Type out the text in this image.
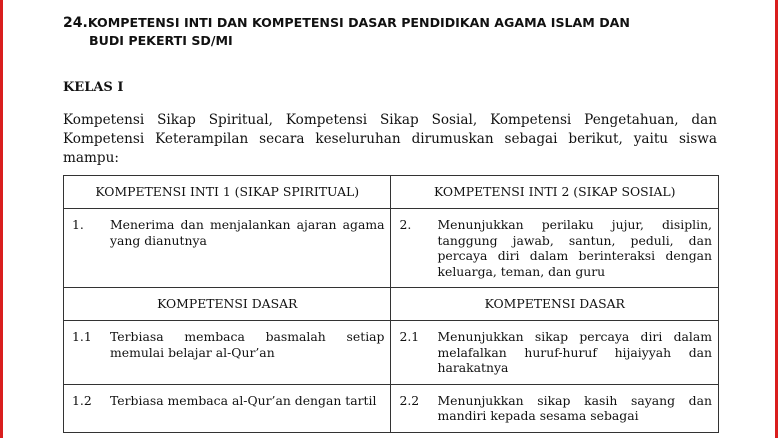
24.KOMPETENSI INTI DAN KOMPETENSI DASAR PENDIDIKAN AGAMA ISLAM DAN
BUDI PEKERTI SD/MI
KELAS I
Kompetensi Sikap Spiritual, Kompetensi Sikap Sosial, Kompetensi Pengetahuan, dan Kompetensi Keterampilan secara keseluruhan dirumuskan sebagai berikut, yaitu siswa mampu:
KOMPETENSI INTI 1 (SIKAP SPIRITUAL)	KOMPETENSI INTI 2 (SIKAP SOSIAL)

1. Menerima dan menjalankan ajaran agama yang dianutnya	2. Menunjukkan perilaku jujur, disiplin, tanggung jawab, santun, peduli, dan percaya diri dalam berinteraksi dengan keluarga, teman, dan guru

KOMPETENSI DASAR	KOMPETENSI DASAR

1.1 Terbiasa membaca basmalah setiap memulai belajar al-Qur’an	2.1 Menunjukkan sikap percaya diri dalam melafalkan huruf-huruf hijaiyyah dan harakatnya

1.2 Terbiasa membaca al-Qur’an dengan tartil	2.2 Menunjukkan sikap kasih sayang dan mandiri kepada sesama sebagai
